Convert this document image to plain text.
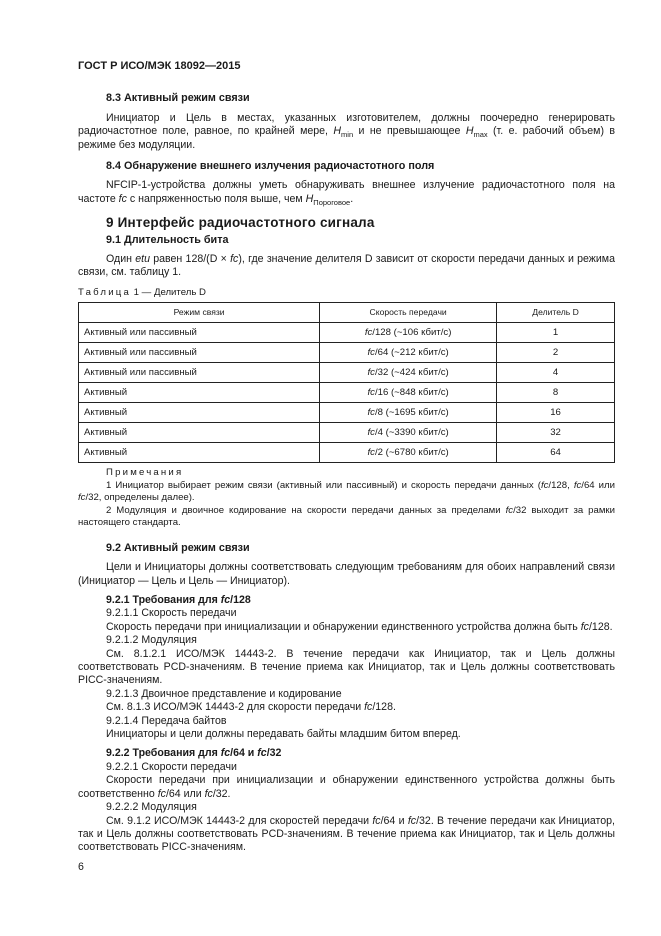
ГОСТ Р ИСО/МЭК 18092—2015
8.3 Активный режим связи
Инициатор и Цель в местах, указанных изготовителем, должны поочередно генерировать радиочастотное поле, равное, по крайней мере, $H_{min}$ и не превышающее $H_{max}$ (т. е. рабочий объем) в режиме без модуляции.
8.4 Обнаружение внешнего излучения радиочастотного поля
NFCIP-1-устройства должны уметь обнаруживать внешнее излучение радиочастотного поля на частоте fc с напряженностью поля выше, чем $H_{Пороговое}$.
9 Интерфейс радиочастотного сигнала
9.1 Длительность бита
Один etu равен 128/(D × fc), где значение делителя D зависит от скорости передачи данных и режима связи, см. таблицу 1.
Таблица 1 — Делитель D
Режим связи	Скорость передачи	Делитель D
Активный или пассивный	fc/128 (~106 кбит/с)	1
Активный или пассивный	fc/64 (~212 кбит/с)	2
Активный или пассивный	fc/32 (~424 кбит/с)	4
Активный	fc/16 (~848 кбит/с)	8
Активный	fc/8 (~1695 кбит/с)	16
Активный	fc/4 (~3390 кбит/с)	32
Активный	fc/2 (~6780 кбит/с)	64
Примечания
1 Инициатор выбирает режим связи (активный или пассивный) и скорость передачи данных (fc/128, fc/64 или fc/32, определены далее).
2 Модуляция и двоичное кодирование на скорости передачи данных за пределами fc/32 выходит за рамки настоящего стандарта.
9.2 Активный режим связи
Цели и Инициаторы должны соответствовать следующим требованиям для обоих направлений связи (Инициатор — Цель и Цель — Инициатор).
9.2.1 Требования для fc/128
9.2.1.1 Скорость передачи
Скорость передачи при инициализации и обнаружении единственного устройства должна быть fc/128.
9.2.1.2 Модуляция
См. 8.1.2.1 ИСО/МЭК 14443-2. В течение передачи как Инициатор, так и Цель должны соответствовать PCD-значениям. В течение приема как Инициатор, так и Цель должны соответствовать PICC-значениям.
9.2.1.3 Двоичное представление и кодирование
См. 8.1.3 ИСО/МЭК 14443-2 для скорости передачи fc/128.
9.2.1.4 Передача байтов
Инициаторы и цели должны передавать байты младшим битом вперед.
9.2.2 Требования для fc/64 и fc/32
9.2.2.1 Скорости передачи
Скорости передачи при инициализации и обнаружении единственного устройства должны быть соответственно fc/64 или fc/32.
9.2.2.2 Модуляция
См. 9.1.2 ИСО/МЭК 14443-2 для скоростей передачи fc/64 и fc/32. В течение передачи как Инициатор, так и Цель должны соответствовать PCD-значениям. В течение приема как Инициатор, так и Цель должны соответствовать PICC-значениям.
6
